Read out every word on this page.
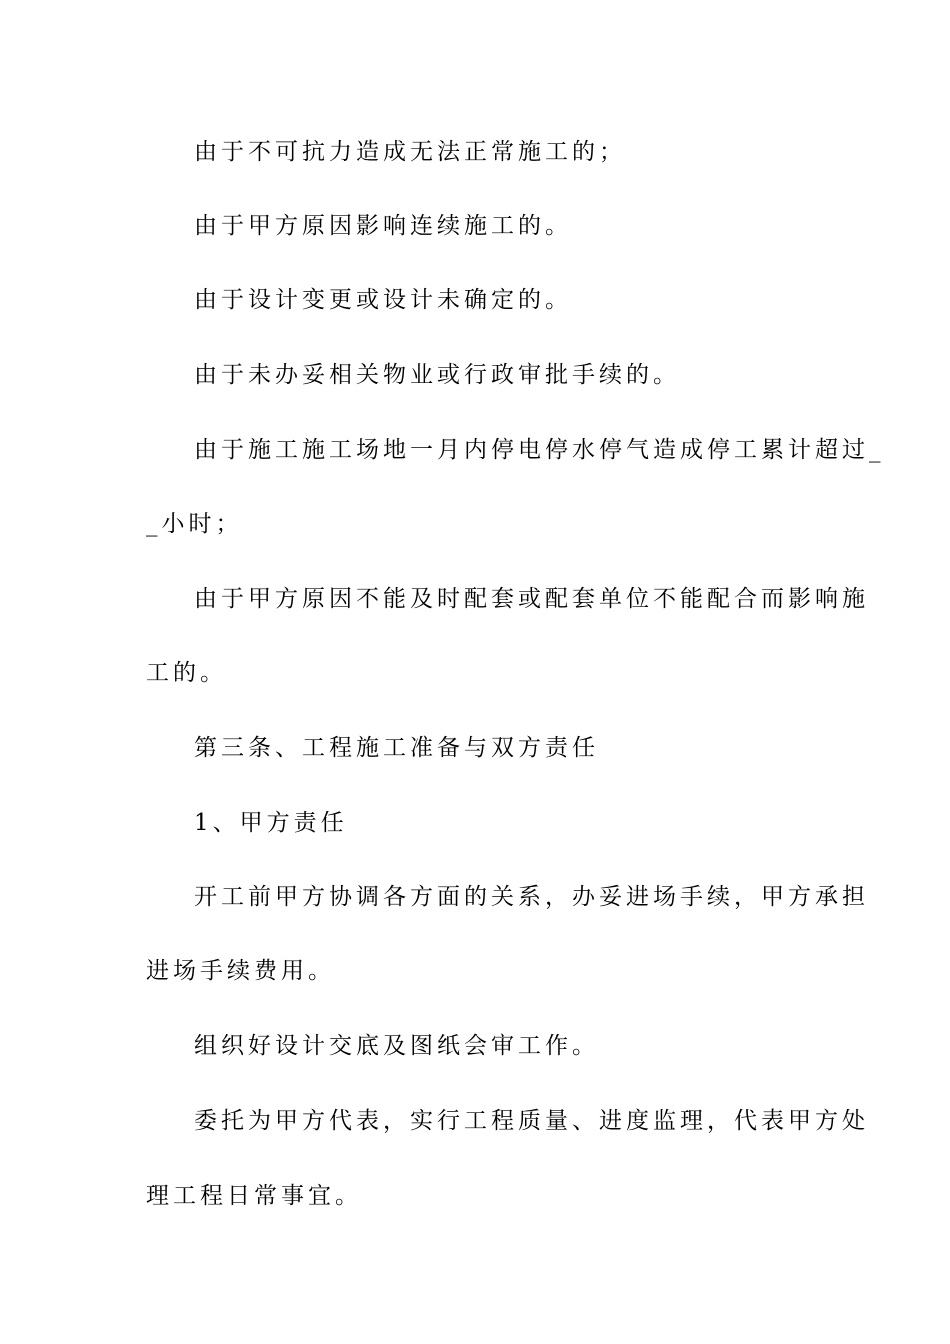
由于不可抗力造成无法正常施工的；
由于甲方原因影响连续施工的。
由于设计变更或设计未确定的。
由于未办妥相关物业或行政审批手续的。
由于施工施工场地一月内停电停水停气造成停工累计超过_
_小时；
由于甲方原因不能及时配套或配套单位不能配合而影响施
工的。
第三条、工程施工准备与双方责任
1、甲方责任
开工前甲方协调各方面的关系，办妥进场手续，甲方承担
进场手续费用。
组织好设计交底及图纸会审工作。
委托为甲方代表，实行工程质量、进度监理，代表甲方处
理工程日常事宜。
